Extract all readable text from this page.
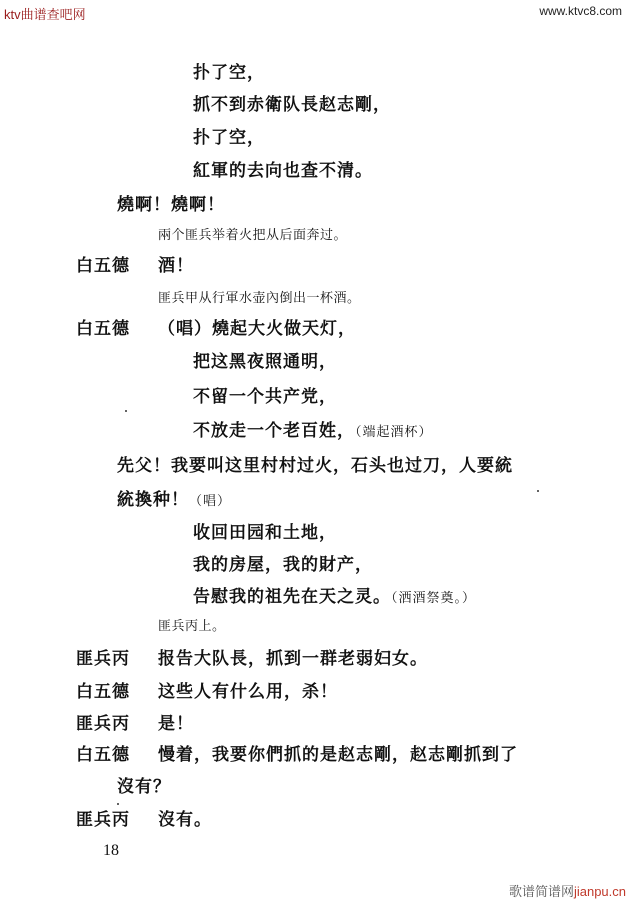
ktv曲谱查吧网	www.ktvc8.com
歌谱简谱网jianpu.cn
扑了空，
抓不到赤衛队長赵志剛，
扑了空，
紅軍的去向也查不清。
燒啊！燒啊！
兩个匪兵举着火把从后面奔过。
白五德 酒！
匪兵甲从行軍水壶內倒出一杯酒。
白五德 （唱）燒起大火做天灯，
把这黑夜照通明，
不留一个共产党，
不放走一个老百姓，（端起酒杯）
先父！我要叫这里村村过火，石头也过刀，人要統
統換种！（唱）
收回田园和土地，
我的房屋，我的財产，
告慰我的祖先在天之灵。（洒酒祭奠。）
匪兵丙上。
匪兵丙 报告大队長，抓到一群老弱妇女。
白五德 这些人有什么用，杀！
匪兵丙 是！
白五德 慢着，我要你們抓的是赵志剛，赵志剛抓到了
沒有？
匪兵丙 沒有。
18
